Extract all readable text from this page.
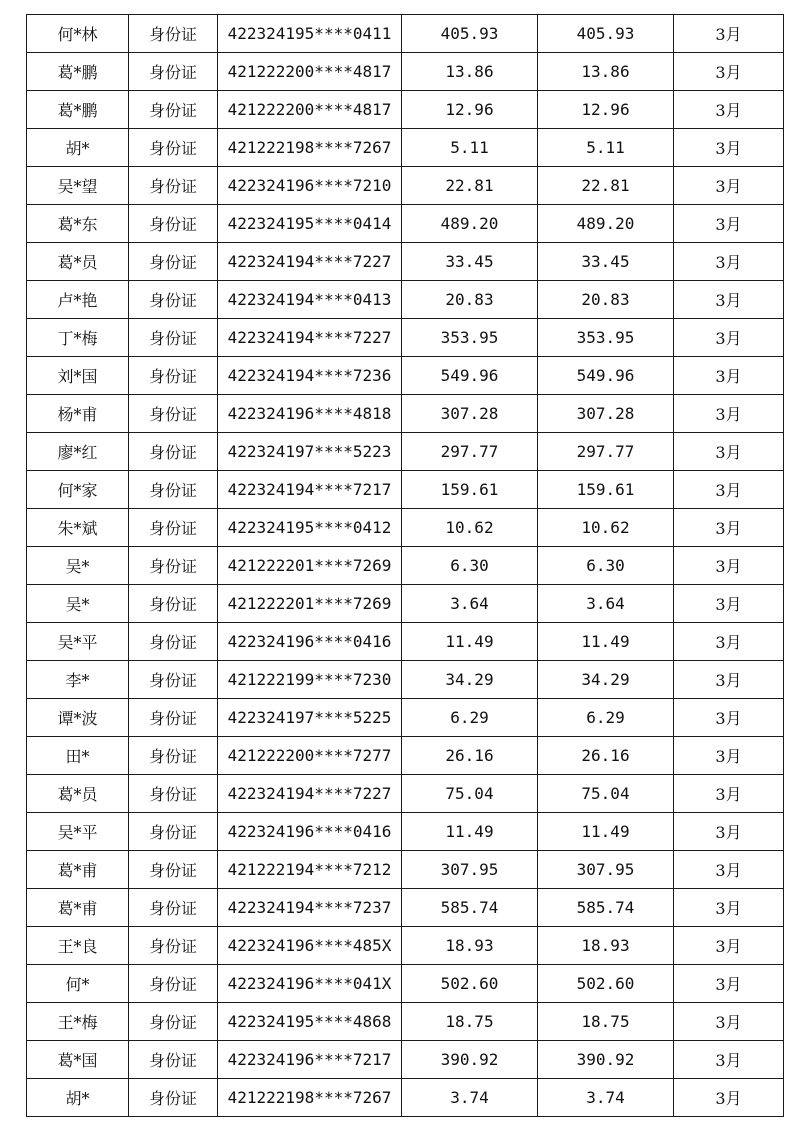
何*林	身份证	422324195****0411	405.93	405.93	3月
葛*鹏	身份证	421222200****4817	13.86	13.86	3月
葛*鹏	身份证	421222200****4817	12.96	12.96	3月
胡*	身份证	421222198****7267	5.11	5.11	3月
吴*望	身份证	422324196****7210	22.81	22.81	3月
葛*东	身份证	422324195****0414	489.20	489.20	3月
葛*员	身份证	422324194****7227	33.45	33.45	3月
卢*艳	身份证	422324194****0413	20.83	20.83	3月
丁*梅	身份证	422324194****7227	353.95	353.95	3月
刘*国	身份证	422324194****7236	549.96	549.96	3月
杨*甫	身份证	422324196****4818	307.28	307.28	3月
廖*红	身份证	422324197****5223	297.77	297.77	3月
何*家	身份证	422324194****7217	159.61	159.61	3月
朱*斌	身份证	422324195****0412	10.62	10.62	3月
吴*	身份证	421222201****7269	6.30	6.30	3月
吴*	身份证	421222201****7269	3.64	3.64	3月
吴*平	身份证	422324196****0416	11.49	11.49	3月
李*	身份证	421222199****7230	34.29	34.29	3月
谭*波	身份证	422324197****5225	6.29	6.29	3月
田*	身份证	421222200****7277	26.16	26.16	3月
葛*员	身份证	422324194****7227	75.04	75.04	3月
吴*平	身份证	422324196****0416	11.49	11.49	3月
葛*甫	身份证	421222194****7212	307.95	307.95	3月
葛*甫	身份证	422324194****7237	585.74	585.74	3月
王*良	身份证	422324196****485X	18.93	18.93	3月
何*	身份证	422324196****041X	502.60	502.60	3月
王*梅	身份证	422324195****4868	18.75	18.75	3月
葛*国	身份证	422324196****7217	390.92	390.92	3月
胡*	身份证	421222198****7267	3.74	3.74	3月
